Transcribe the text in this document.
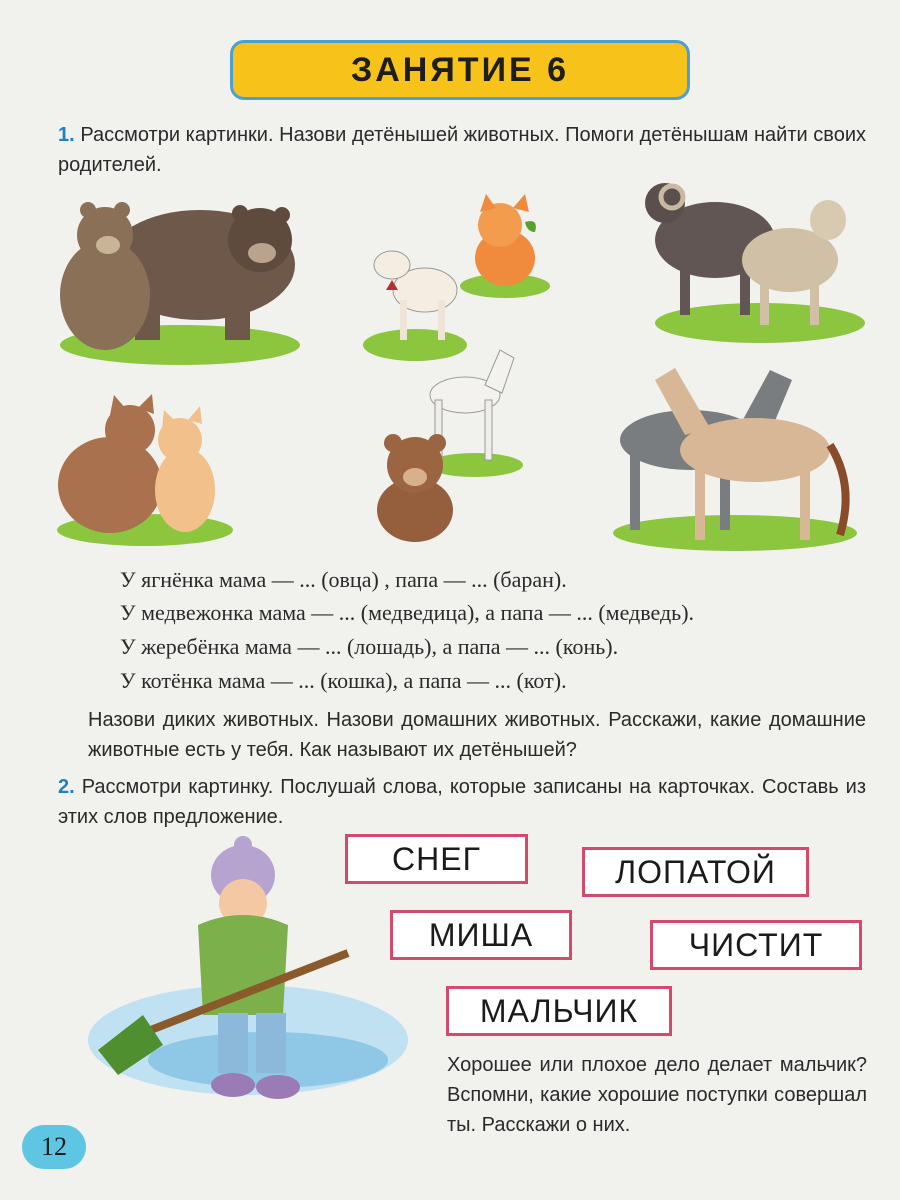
ЗАНЯТИЕ 6
1. Рассмотри картинки. Назови детёнышей животных. Помоги детёнышам найти своих родителей.
У ягнёнка мама — ... (овца) , папа — ... (баран).
У медвежонка мама — ... (медведица), а папа — ... (медведь).
У жеребёнка мама — ... (лошадь), а папа — ... (конь).
У котёнка мама — ... (кошка), а папа — ... (кот).
Назови диких животных. Назови домашних животных. Расскажи, какие домашние животные есть у тебя. Как называют их детёнышей?
2. Рассмотри картинку. Послушай слова, которые записаны на карточках. Составь из этих слов предложение.
СНЕГ	ЛОПАТОЙ
МИША	ЧИСТИТ
МАЛЬЧИК
Хорошее или плохое дело делает мальчик? Вспомни, какие хорошие поступки совершал ты. Расскажи о них.
12
